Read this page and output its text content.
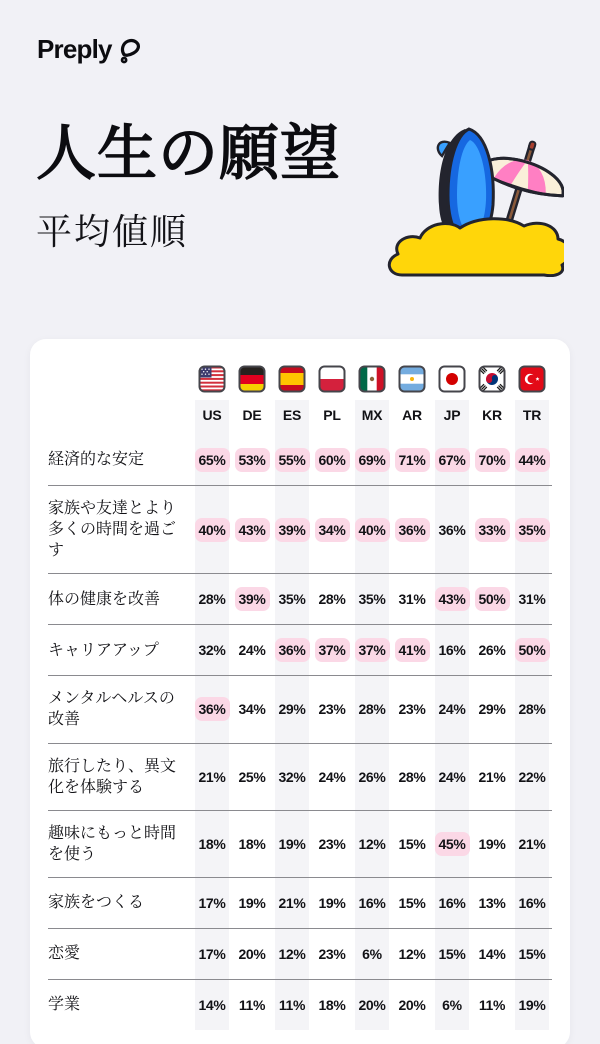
Preply
人生の願望
平均値順

	US	DE	ES	PL	MX	AR	JP	KR	TR
経済的な安定	65%	53%	55%	60%	69%	71%	67%	70%	44%
家族や友達とより多くの時間を過ごす	40%	43%	39%	34%	40%	36%	36%	33%	35%
体の健康を改善	28%	39%	35%	28%	35%	31%	43%	50%	31%
キャリアアップ	32%	24%	36%	37%	37%	41%	16%	26%	50%
メンタルヘルスの改善	36%	34%	29%	23%	28%	23%	24%	29%	28%
旅行したり、異文化を体験する	21%	25%	32%	24%	26%	28%	24%	21%	22%
趣味にもっと時間を使う	18%	18%	19%	23%	12%	15%	45%	19%	21%
家族をつくる	17%	19%	21%	19%	16%	15%	16%	13%	16%
恋愛	17%	20%	12%	23%	6%	12%	15%	14%	15%
学業	14%	11%	11%	18%	20%	20%	6%	11%	19%
